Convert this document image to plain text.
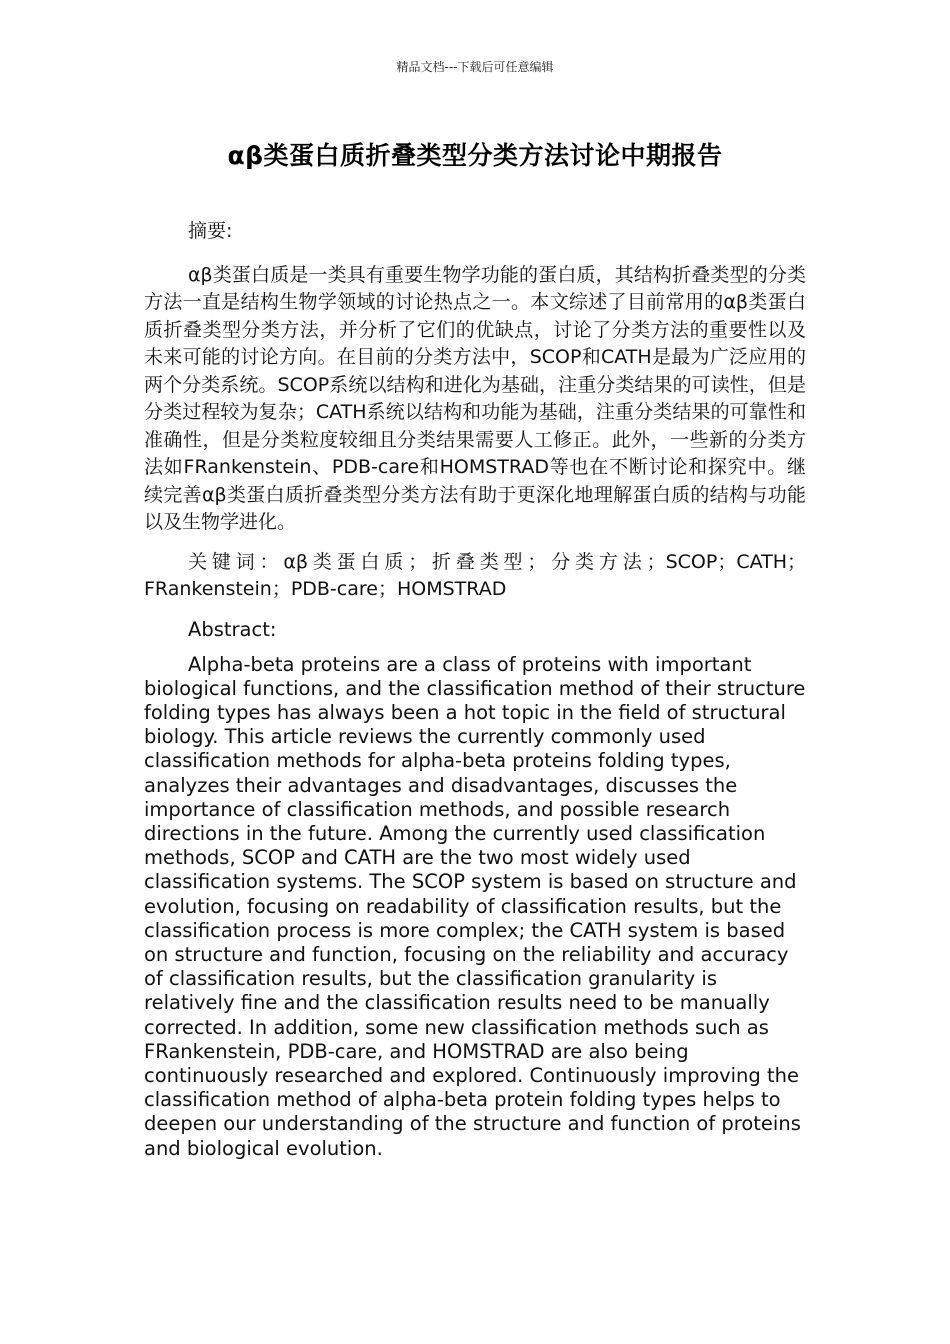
精品文档---下载后可任意编辑
αβ类蛋白质折叠类型分类方法讨论中期报告

摘要:

αβ类蛋白质是一类具有重要生物学功能的蛋白质，其结构折叠类型的分类方法一直是结构生物学领域的讨论热点之一。本文综述了目前常用的αβ类蛋白质折叠类型分类方法，并分析了它们的优缺点，讨论了分类方法的重要性以及未来可能的讨论方向。在目前的分类方法中，SCOP和CATH是最为广泛应用的两个分类系统。SCOP系统以结构和进化为基础，注重分类结果的可读性，但是分类过程较为复杂；CATH系统以结构和功能为基础，注重分类结果的可靠性和准确性，但是分类粒度较细且分类结果需要人工修正。此外，一些新的分类方法如FRankenstein、PDB-care和HOMSTRAD等也在不断讨论和探究中。继续完善αβ类蛋白质折叠类型分类方法有助于更深化地理解蛋白质的结构与功能以及生物学进化。

关键词：αβ类蛋白质；折叠类型；分类方法；SCOP；CATH；FRankenstein；PDB-care；HOMSTRAD

Abstract:

Alpha-beta proteins are a class of proteins with important biological functions, and the classification method of their structure folding types has always been a hot topic in the field of structural biology. This article reviews the currently commonly used classification methods for alpha-beta proteins folding types, analyzes their advantages and disadvantages, discusses the importance of classification methods, and possible research directions in the future. Among the currently used classification methods, SCOP and CATH are the two most widely used classification systems. The SCOP system is based on structure and evolution, focusing on readability of classification results, but the classification process is more complex; the CATH system is based on structure and function, focusing on the reliability and accuracy of classification results, but the classification granularity is relatively fine and the classification results need to be manually corrected. In addition, some new classification methods such as FRankenstein, PDB-care, and HOMSTRAD are also being continuously researched and explored. Continuously improving the classification method of alpha-beta protein folding types helps to deepen our understanding of the structure and function of proteins and biological evolution.
